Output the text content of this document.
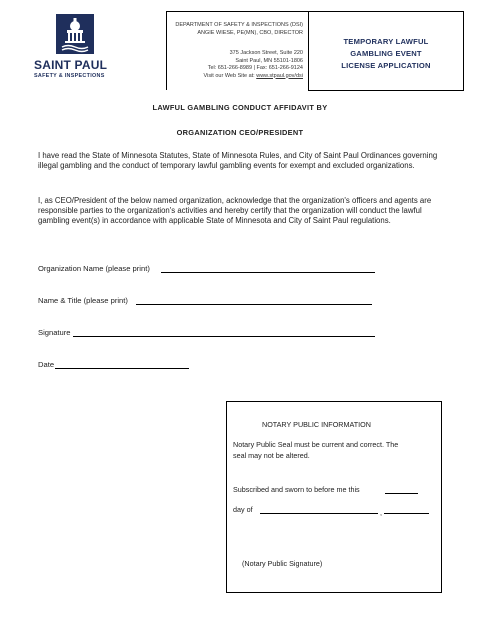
SAINT PAUL
SAFETY & INSPECTIONS
DEPARTMENT OF SAFETY & INSPECTIONS (DSI)
ANGIE WIESE, PE(MN), CBO, DIRECTOR
375 Jackson Street, Suite 220
Saint Paul, MN 55101-1806
Tel: 651-266-8989 | Fax: 651-266-9124
Visit our Web Site at: www.stpaul.gov/dsi
TEMPORARY LAWFUL
GAMBLING EVENT
LICENSE APPLICATION
LAWFUL GAMBLING CONDUCT AFFIDAVIT BY
ORGANIZATION CEO/PRESIDENT
I have read the State of Minnesota Statutes, State of Minnesota Rules, and City of Saint Paul Ordinances governing illegal gambling and the conduct of temporary lawful gambling events for exempt and excluded organizations.
I, as CEO/President of the below named organization, acknowledge that the organization's officers and agents are responsible parties to the organization's activities and hereby certify that the organization will conduct the lawful gambling event(s) in accordance with applicable State of Minnesota and City of Saint Paul regulations.
Organization Name (please print)
Name & Title (please print)
Signature
Date
NOTARY PUBLIC INFORMATION
Notary Public Seal must be current and correct. The
seal may not be altered.
Subscribed and sworn to before me this
day of	,
(Notary Public Signature)
